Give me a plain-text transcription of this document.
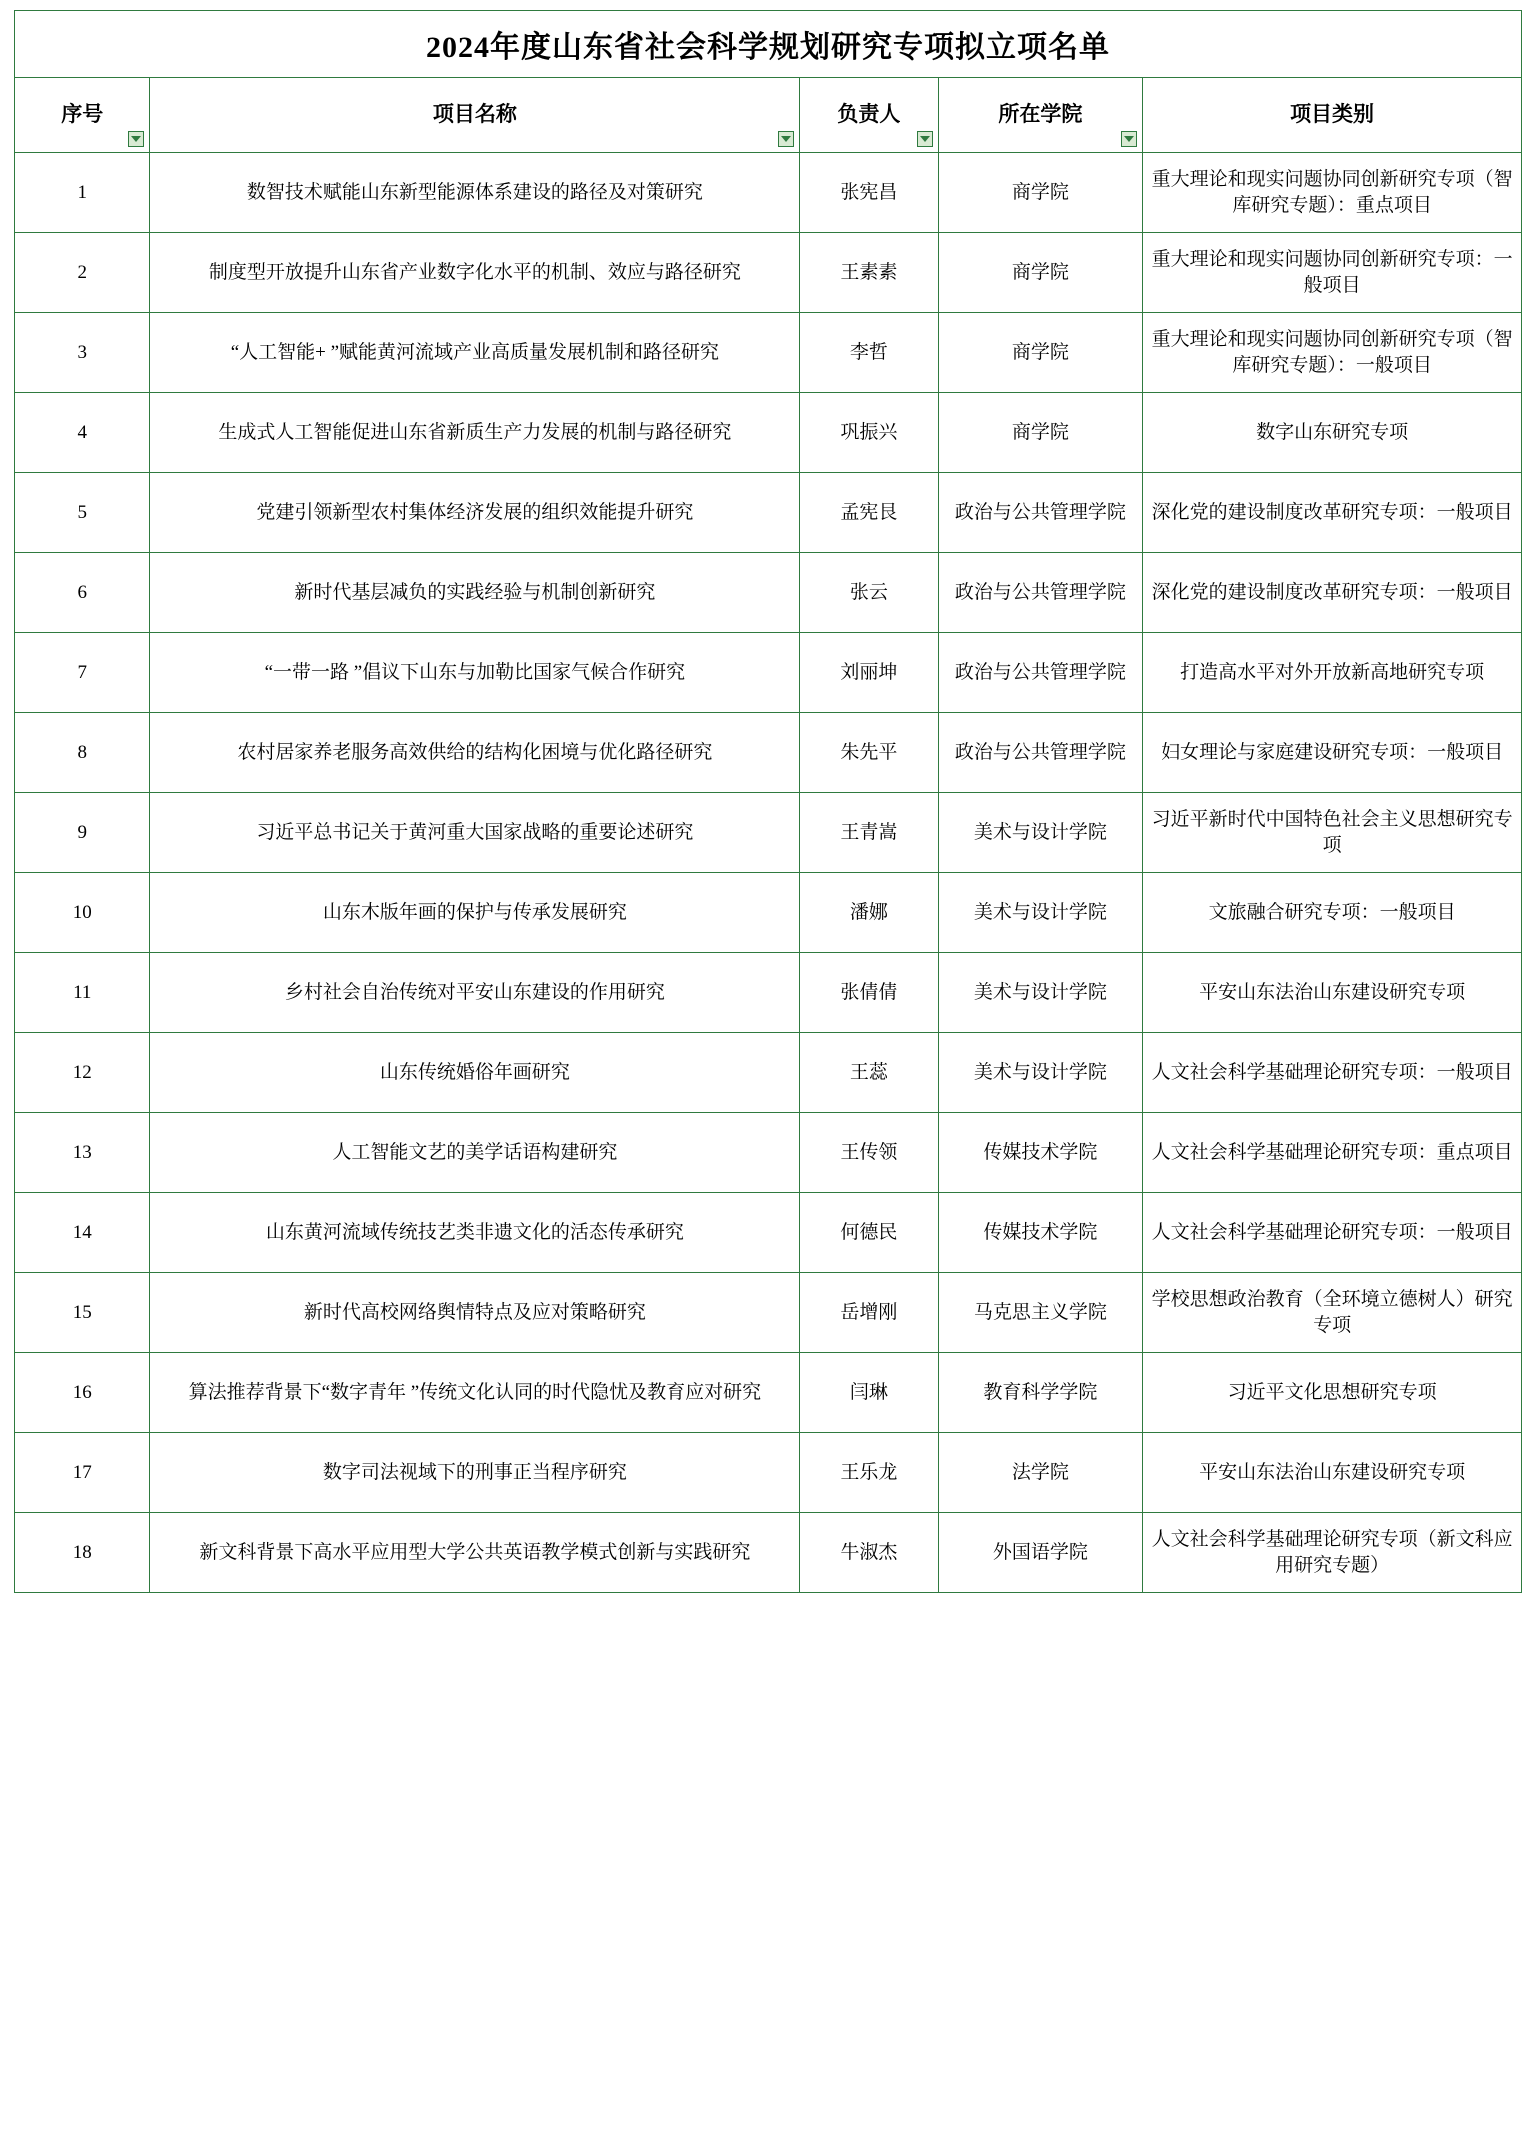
2024年度山东省社会科学规划研究专项拟立项名单
序号	项目名称	负责人	所在学院	项目类别
1	数智技术赋能山东新型能源体系建设的路径及对策研究	张宪昌	商学院	重大理论和现实问题协同创新研究专项（智库研究专题）：重点项目
2	制度型开放提升山东省产业数字化水平的机制、效应与路径研究	王素素	商学院	重大理论和现实问题协同创新研究专项：一般项目
3	“人工智能+ ”赋能黄河流域产业高质量发展机制和路径研究	李哲	商学院	重大理论和现实问题协同创新研究专项（智库研究专题）：一般项目
4	生成式人工智能促进山东省新质生产力发展的机制与路径研究	巩振兴	商学院	数字山东研究专项
5	党建引领新型农村集体经济发展的组织效能提升研究	孟宪艮	政治与公共管理学院	深化党的建设制度改革研究专项：一般项目
6	新时代基层减负的实践经验与机制创新研究	张云	政治与公共管理学院	深化党的建设制度改革研究专项：一般项目
7	“一带一路 ”倡议下山东与加勒比国家气候合作研究	刘丽坤	政治与公共管理学院	打造高水平对外开放新高地研究专项
8	农村居家养老服务高效供给的结构化困境与优化路径研究	朱先平	政治与公共管理学院	妇女理论与家庭建设研究专项：一般项目
9	习近平总书记关于黄河重大国家战略的重要论述研究	王青嵩	美术与设计学院	习近平新时代中国特色社会主义思想研究专项
10	山东木版年画的保护与传承发展研究	潘娜	美术与设计学院	文旅融合研究专项：一般项目
11	乡村社会自治传统对平安山东建设的作用研究	张倩倩	美术与设计学院	平安山东法治山东建设研究专项
12	山东传统婚俗年画研究	王蕊	美术与设计学院	人文社会科学基础理论研究专项：一般项目
13	人工智能文艺的美学话语构建研究	王传领	传媒技术学院	人文社会科学基础理论研究专项：重点项目
14	山东黄河流域传统技艺类非遗文化的活态传承研究	何德民	传媒技术学院	人文社会科学基础理论研究专项：一般项目
15	新时代高校网络舆情特点及应对策略研究	岳增刚	马克思主义学院	学校思想政治教育（全环境立德树人）研究专项
16	算法推荐背景下“数字青年 ”传统文化认同的时代隐忧及教育应对研究	闫琳	教育科学学院	习近平文化思想研究专项
17	数字司法视域下的刑事正当程序研究	王乐龙	法学院	平安山东法治山东建设研究专项
18	新文科背景下高水平应用型大学公共英语教学模式创新与实践研究	牛淑杰	外国语学院	人文社会科学基础理论研究专项（新文科应用研究专题）
